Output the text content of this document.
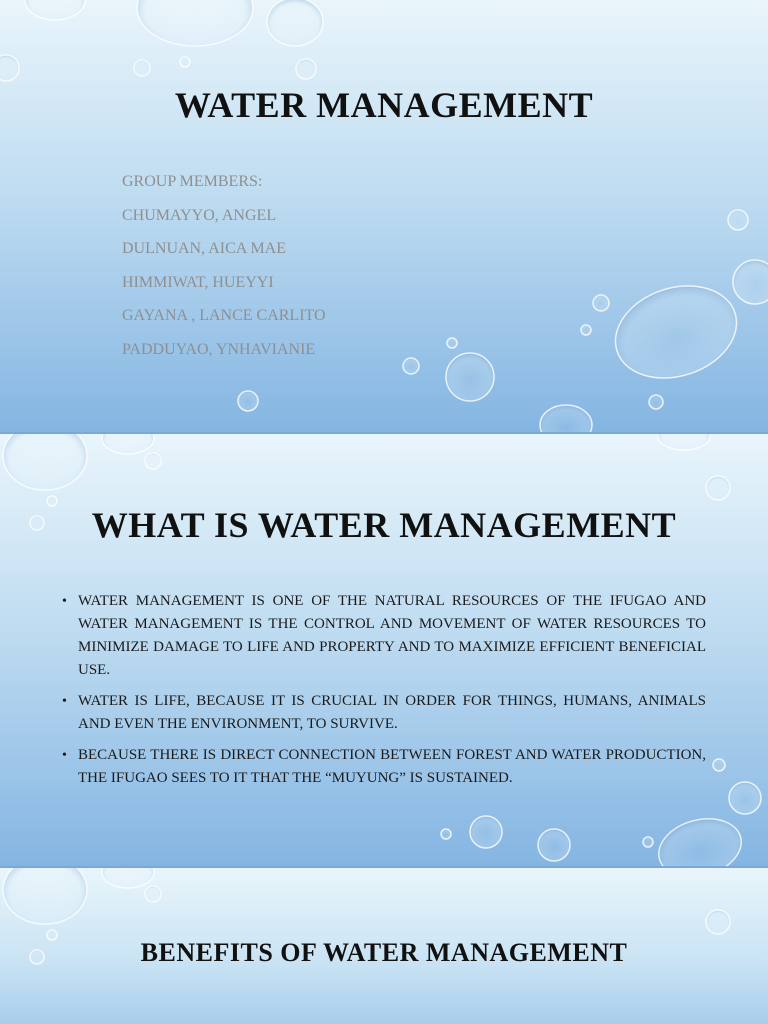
WATER MANAGEMENT
GROUP MEMBERS:
CHUMAYYO, ANGEL
DULNUAN, AICA MAE
HIMMIWAT, HUEYYI
GAYANA , LANCE CARLITO
PADDUYAO, YNHAVIANIE
WHAT IS WATER MANAGEMENT
• WATER MANAGEMENT IS ONE OF THE NATURAL RESOURCES OF THE IFUGAO AND WATER MANAGEMENT IS THE CONTROL AND MOVEMENT OF WATER RESOURCES TO MINIMIZE DAMAGE TO LIFE AND PROPERTY AND TO MAXIMIZE EFFICIENT BENEFICIAL USE.
• WATER IS LIFE, BECAUSE IT IS CRUCIAL IN ORDER FOR THINGS, HUMANS, ANIMALS AND EVEN THE ENVIRONMENT, TO SURVIVE.
• BECAUSE THERE IS DIRECT CONNECTION BETWEEN FOREST AND WATER PRODUCTION, THE IFUGAO SEES TO IT THAT THE “MUYUNG” IS SUSTAINED.
BENEFITS OF WATER MANAGEMENT
